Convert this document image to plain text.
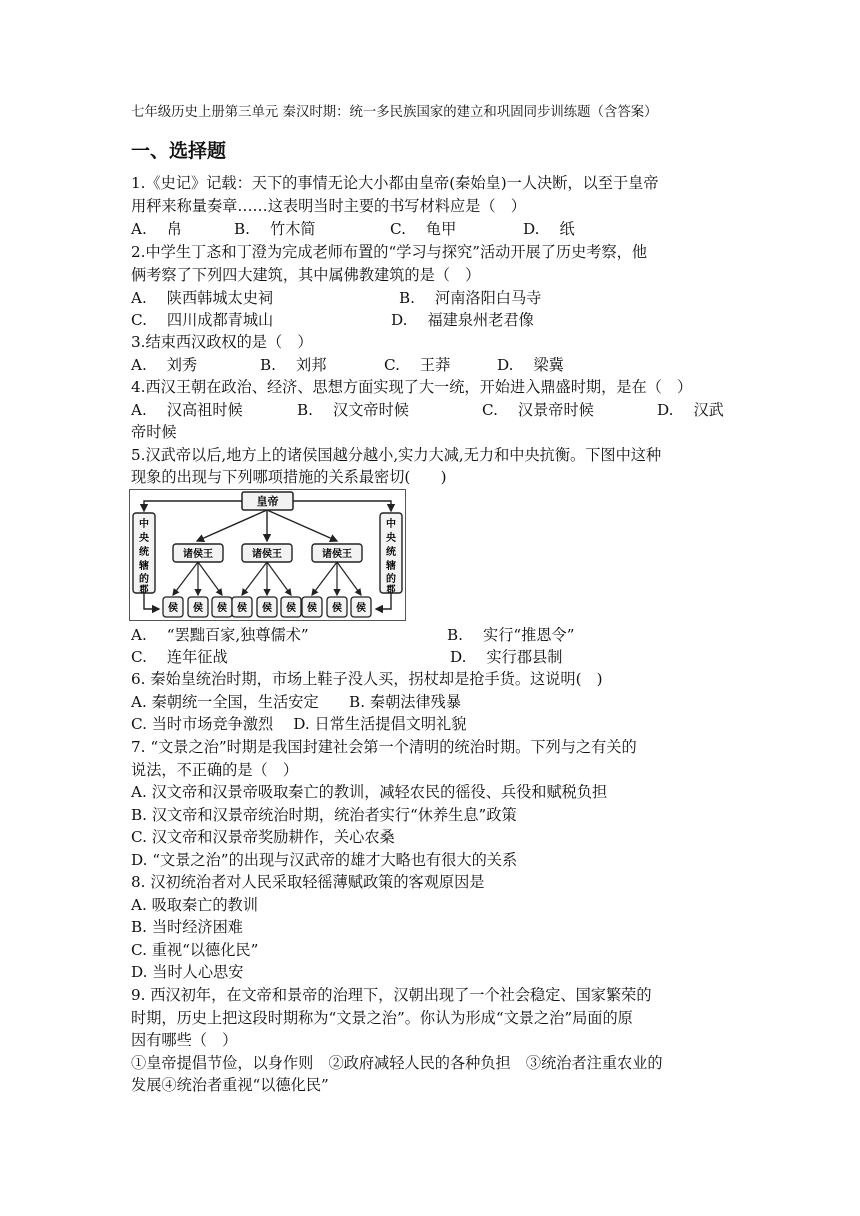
七年级历史上册第三单元 秦汉时期：统一多民族国家的建立和巩固同步训练题（含答案）
一、选择题
1.《史记》记载：天下的事情无论大小都由皇帝(秦始皇)一人决断，以至于皇帝
用秤来称量奏章……这表明当时主要的书写材料应是（　）
A.　 帛	B.　 竹木简	C.　 龟甲	D.　 纸
2.中学生丁忞和丁澄为完成老师布置的“学习与探究”活动开展了历史考察，他
俩考察了下列四大建筑，其中属佛教建筑的是（　）
A.　 陕西韩城太史祠	B.　 河南洛阳白马寺
C.　 四川成都青城山	D.　 福建泉州老君像
3.结束西汉政权的是（　）
A.　 刘秀	B.　 刘邦	C.　 王莽	D.　 梁冀
4.西汉王朝在政治、经济、思想方面实现了大一统，开始进入鼎盛时期，是在（　）
A.　 汉高祖时候	B.　 汉文帝时候	C.　 汉景帝时候	D.　 汉武
帝时候
5.汉武帝以后,地方上的诸侯国越分越小,实力大减,无力和中央抗衡。下图中这种
现象的出现与下列哪项措施的关系最密切(　　)
皇帝
中
央
统
辖
的
郡
中
央
统
辖
的
郡
诸侯王	诸侯王	诸侯王
侯 侯 侯 侯 侯 侯 侯 侯 侯
A.　 “罢黜百家,独尊儒术”	B.　 实行“推恩令”
C.　 连年征战	D.　 实行郡县制
6. 秦始皇统治时期，市场上鞋子没人买，拐杖却是抢手货。这说明(　)
A. 秦朝统一全国，生活安定　　B. 秦朝法律残暴
C. 当时市场竞争激烈　 D. 日常生活提倡文明礼貌
7. “文景之治”时期是我国封建社会第一个清明的统治时期。下列与之有关的
说法，不正确的是（　）
A. 汉文帝和汉景帝吸取秦亡的教训，减轻农民的徭役、兵役和赋税负担
B. 汉文帝和汉景帝统治时期，统治者实行“休养生息”政策
C. 汉文帝和汉景帝奖励耕作，关心农桑
D. “文景之治”的出现与汉武帝的雄才大略也有很大的关系
8. 汉初统治者对人民采取轻徭薄赋政策的客观原因是
A. 吸取秦亡的教训
B. 当时经济困难
C. 重视“以德化民”
D. 当时人心思安
9. 西汉初年，在文帝和景帝的治理下，汉朝出现了一个社会稳定、国家繁荣的
时期，历史上把这段时期称为“文景之治”。你认为形成“文景之治”局面的原
因有哪些（　）
①皇帝提倡节俭，以身作则　②政府减轻人民的各种负担　③统治者注重农业的
发展④统治者重视“以德化民”
